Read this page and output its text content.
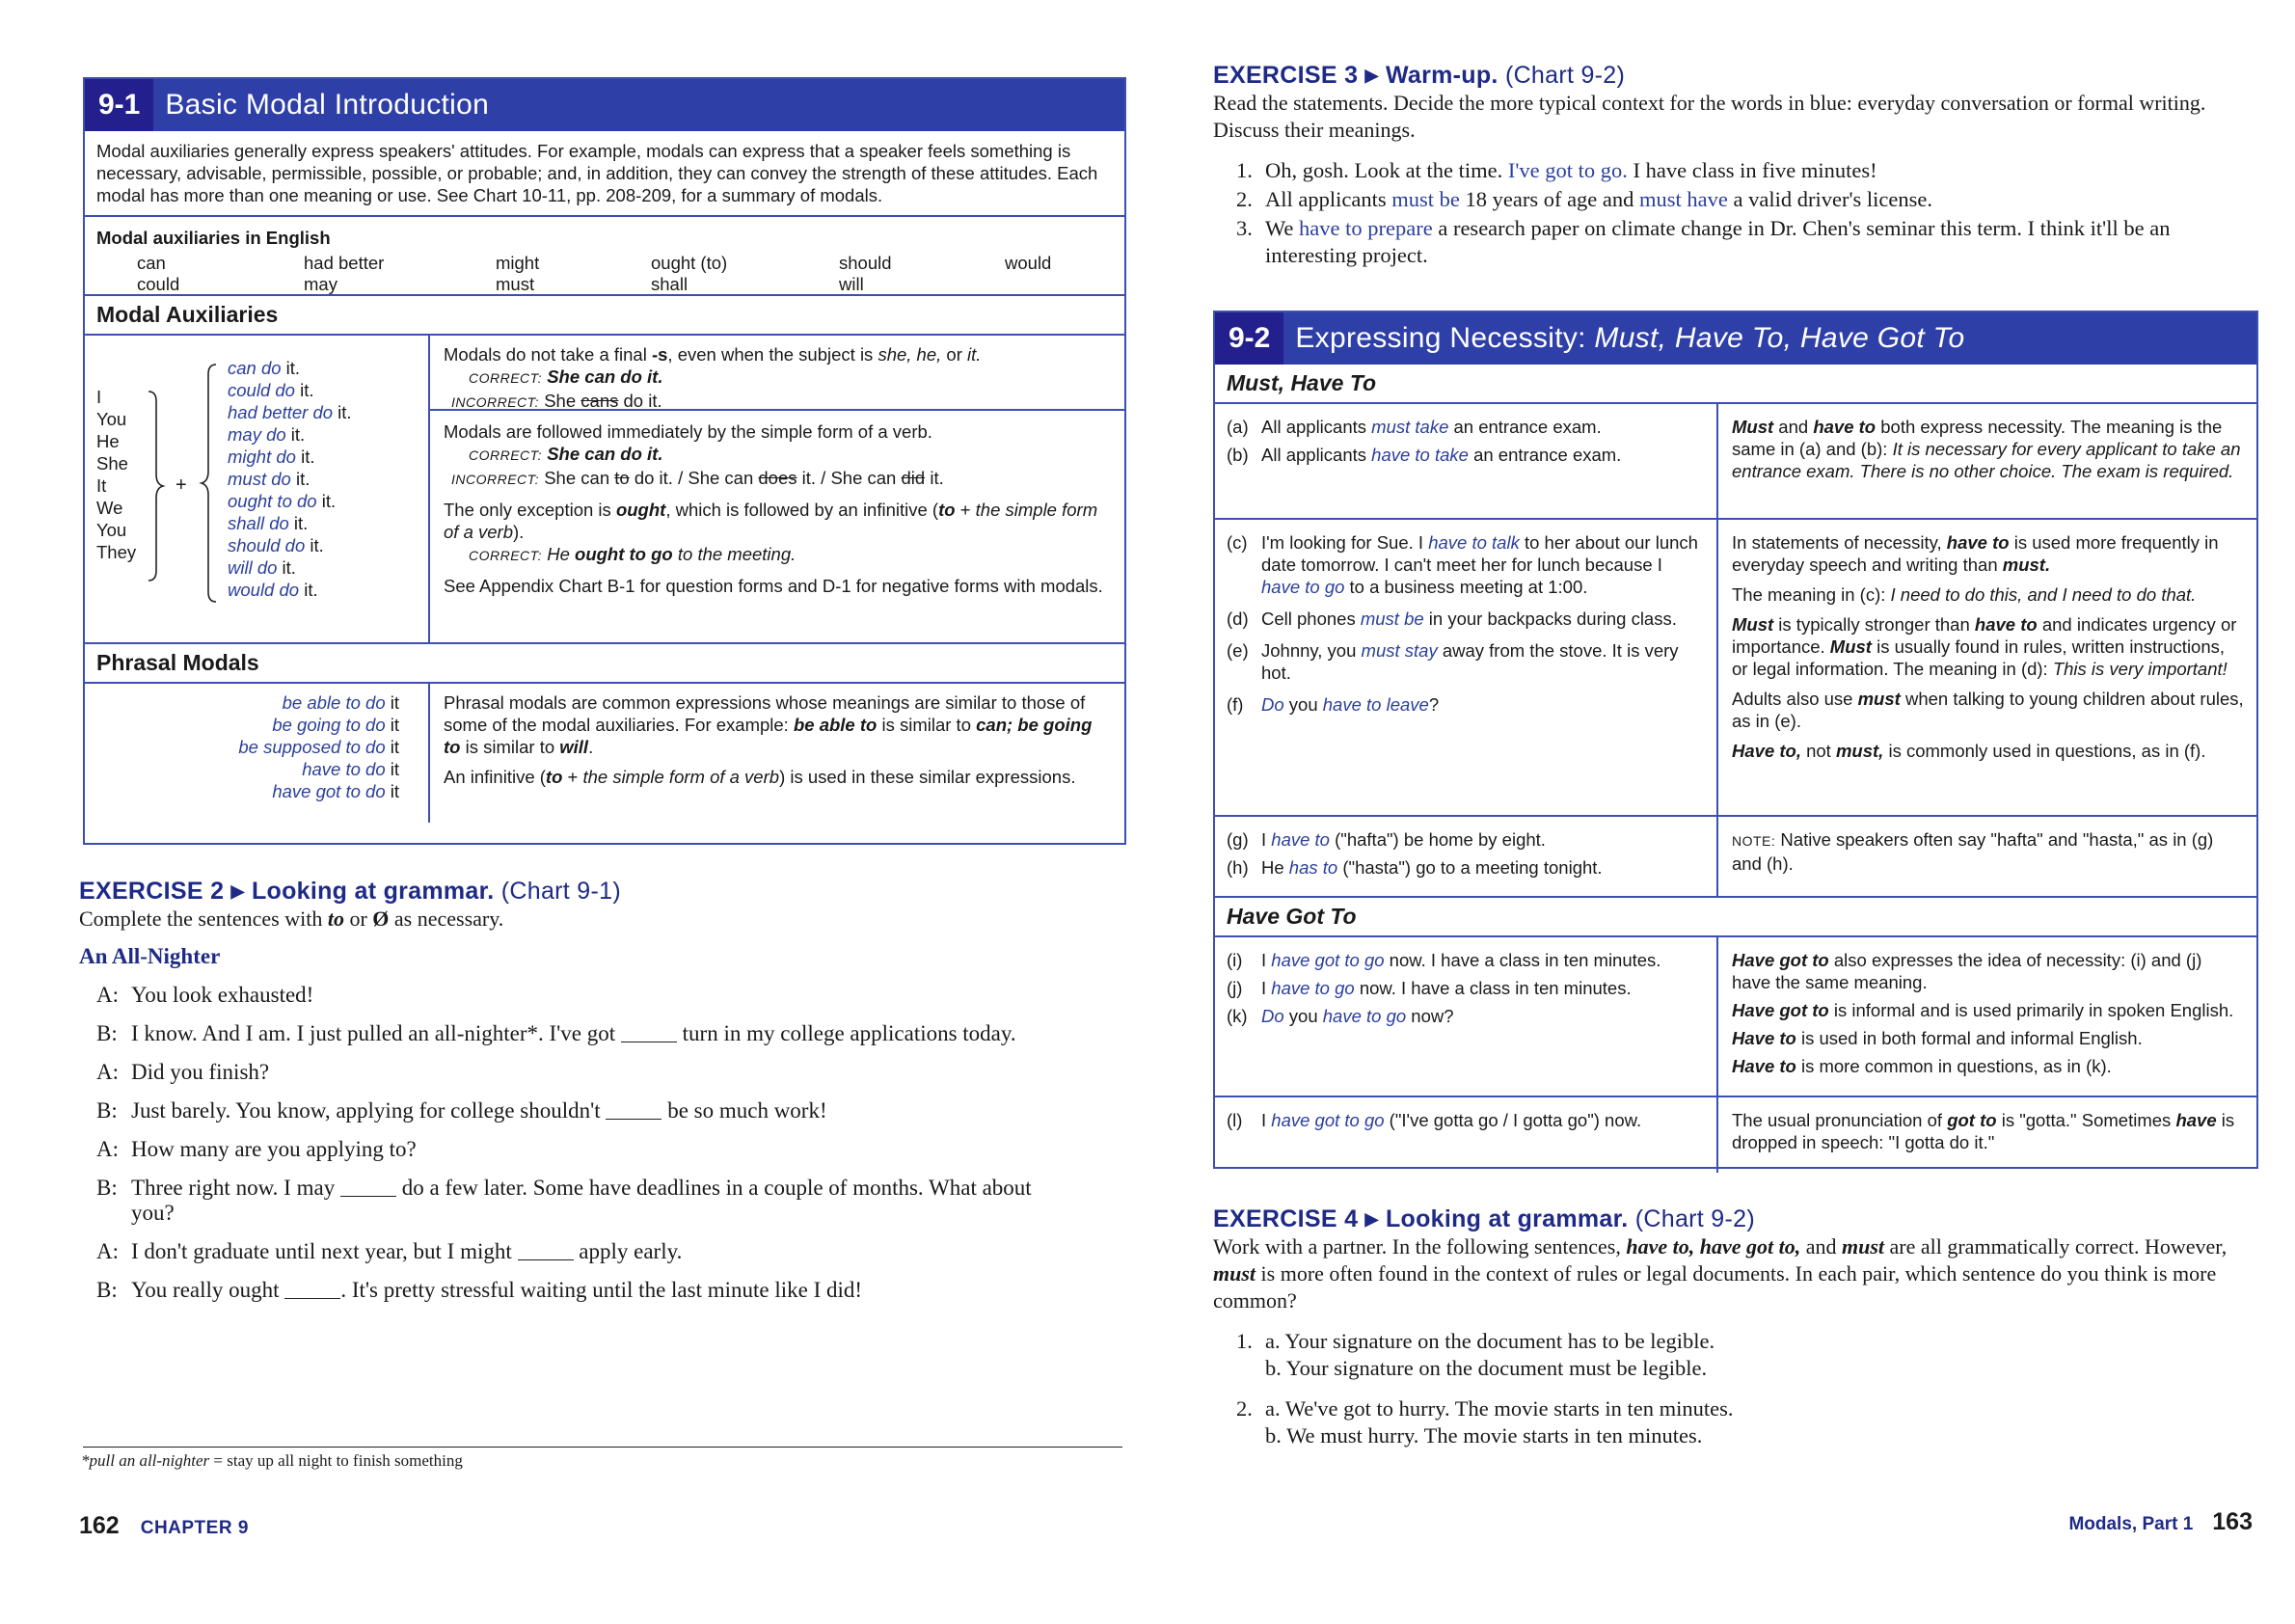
9-1 Basic Modal Introduction
Modal auxiliaries generally express speakers' attitudes. For example, modals can express that a speaker feels something is necessary, advisable, permissible, possible, or probable; and, in addition, they can convey the strength of these attitudes. Each modal has more than one meaning or use. See Chart 10-11, pp. 208-209, for a summary of modals.
Modal auxiliaries in English
can	had better	might	ought (to)	should	would
could	may	must	shall	will
Modal Auxiliaries
I
You
He
She
It
We
You
They
+
can do it.
could do it.
had better do it.
may do it.
might do it.
must do it.
ought to do it.
shall do it.
should do it.
will do it.
would do it.
Modals do not take a final -s, even when the subject is she, he, or it.
CORRECT: She can do it.
INCORRECT: She cans do it.
Modals are followed immediately by the simple form of a verb.
CORRECT: She can do it.
INCORRECT: She can to do it. / She can does it. / She can did it.
The only exception is ought, which is followed by an infinitive (to + the simple form of a verb).
CORRECT: He ought to go to the meeting.
See Appendix Chart B-1 for question forms and D-1 for negative forms with modals.
Phrasal Modals
be able to do it
be going to do it
be supposed to do it
have to do it
have got to do it
Phrasal modals are common expressions whose meanings are similar to those of some of the modal auxiliaries. For example: be able to is similar to can; be going to is similar to will.
An infinitive (to + the simple form of a verb) is used in these similar expressions.
EXERCISE 2 ▶ Looking at grammar. (Chart 9-1)
Complete the sentences with to or Ø as necessary.
An All-Nighter
A: You look exhausted!
B: I know. And I am. I just pulled an all-nighter*. I've got	turn in my college applications today.
A: Did you finish?
B: Just barely. You know, applying for college shouldn't	be so much work!
A: How many are you applying to?
B: Three right now. I may	do a few later. Some have deadlines in a couple of months. What about you?
A: I don't graduate until next year, but I might	apply early.
B: You really ought	. It's pretty stressful waiting until the last minute like I did!
*pull an all-nighter = stay up all night to finish something
162 CHAPTER 9
EXERCISE 3 ▶ Warm-up. (Chart 9-2)
Read the statements. Decide the more typical context for the words in blue: everyday conversation or formal writing. Discuss their meanings.
1. Oh, gosh. Look at the time. I've got to go. I have class in five minutes!
2. All applicants must be 18 years of age and must have a valid driver's license.
3. We have to prepare a research paper on climate change in Dr. Chen's seminar this term. I think it'll be an interesting project.
9-2 Expressing Necessity: Must, Have To, Have Got To
Must, Have To
(a) All applicants must take an entrance exam.
(b) All applicants have to take an entrance exam.
Must and have to both express necessity. The meaning is the same in (a) and (b): It is necessary for every applicant to take an entrance exam. There is no other choice. The exam is required.
(c) I'm looking for Sue. I have to talk to her about our lunch date tomorrow. I can't meet her for lunch because I have to go to a business meeting at 1:00.
(d) Cell phones must be in your backpacks during class.
(e) Johnny, you must stay away from the stove. It is very hot.
(f)	Do you have to leave?
In statements of necessity, have to is used more frequently in everyday speech and writing than must.
The meaning in (c): I need to do this, and I need to do that.
Must is typically stronger than have to and indicates urgency or importance. Must is usually found in rules, written instructions, or legal information. The meaning in (d): This is very important!
Adults also use must when talking to young children about rules, as in (e).
Have to, not must, is commonly used in questions, as in (f).
(g) I have to ("hafta") be home by eight.
(h) He has to ("hasta") go to a meeting tonight.
NOTE: Native speakers often say "hafta" and "hasta," as in (g) and (h).
Have Got To
(i)	I have got to go now. I have a class in ten minutes.
(j)	I have to go now. I have a class in ten minutes.
(k) Do you have to go now?
Have got to also expresses the idea of necessity: (i) and (j) have the same meaning.
Have got to is informal and is used primarily in spoken English.
Have to is used in both formal and informal English.
Have to is more common in questions, as in (k).
(l)	I have got to go ("I've gotta go / I gotta go") now.	The usual pronunciation of got to is "gotta." Sometimes have is dropped in speech: "I gotta do it."
EXERCISE 4 ▶ Looking at grammar. (Chart 9-2)
Work with a partner. In the following sentences, have to, have got to, and must are all grammatically correct. However, must is more often found in the context of rules or legal documents. In each pair, which sentence do you think is more common?
1. a. Your signature on the document has to be legible.
b. Your signature on the document must be legible.
2. a. We've got to hurry. The movie starts in ten minutes.
b. We must hurry. The movie starts in ten minutes.
Modals, Part 1 163
